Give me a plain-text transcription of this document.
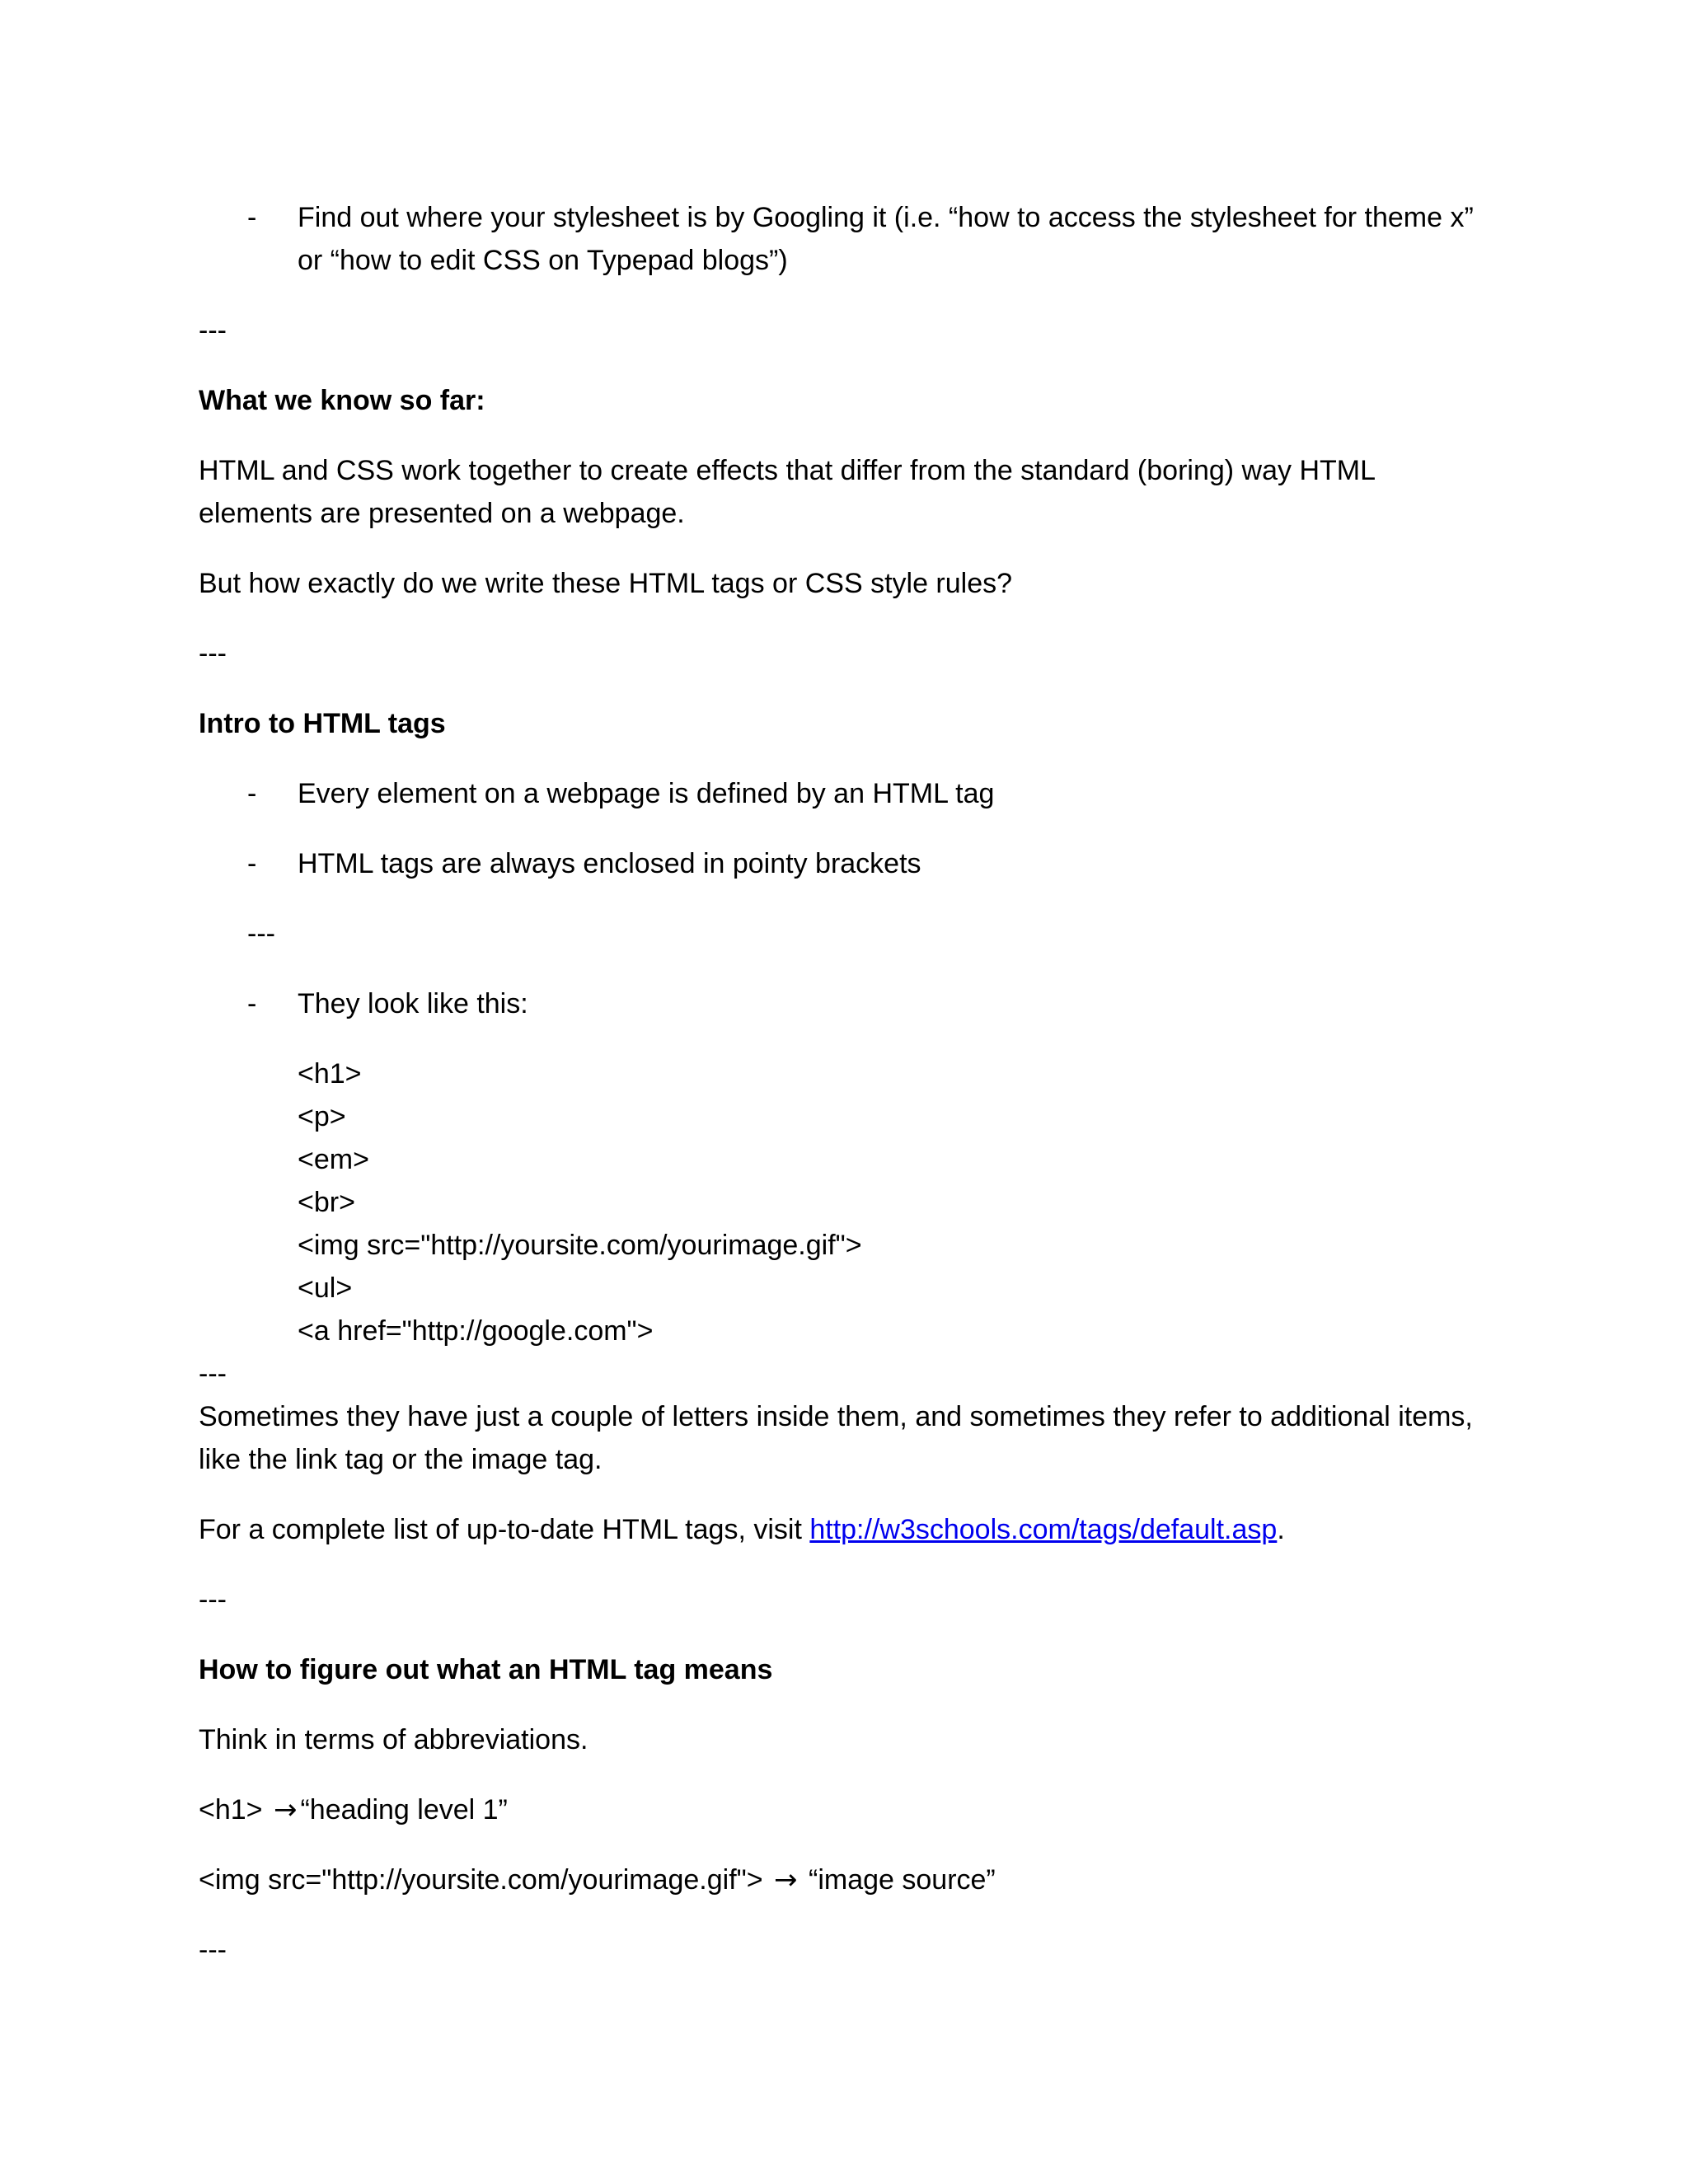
- Find out where your stylesheet is by Googling it (i.e. “how to access the stylesheet for theme x”

or “how to edit CSS on Typepad blogs”)

---

What we know so far:

HTML and CSS work together to create effects that differ from the standard (boring) way HTML

elements are presented on a webpage.

But how exactly do we write these HTML tags or CSS style rules?

---

Intro to HTML tags

- Every element on a webpage is defined by an HTML tag

- HTML tags are always enclosed in pointy brackets

---

- They look like this:

<h1>

<p>

<em>

<br>

<img src="http://yoursite.com/yourimage.gif">

<ul>

<a href="http://google.com">

---

Sometimes they have just a couple of letters inside them, and sometimes they refer to additional items,

like the link tag or the image tag.

For a complete list of up-to-date HTML tags, visit http://w3schools.com/tags/default.asp.

---

How to figure out what an HTML tag means

Think in terms of abbreviations.

<h1> → “heading level 1”

<img src="http://yoursite.com/yourimage.gif"> → “image source”

---
